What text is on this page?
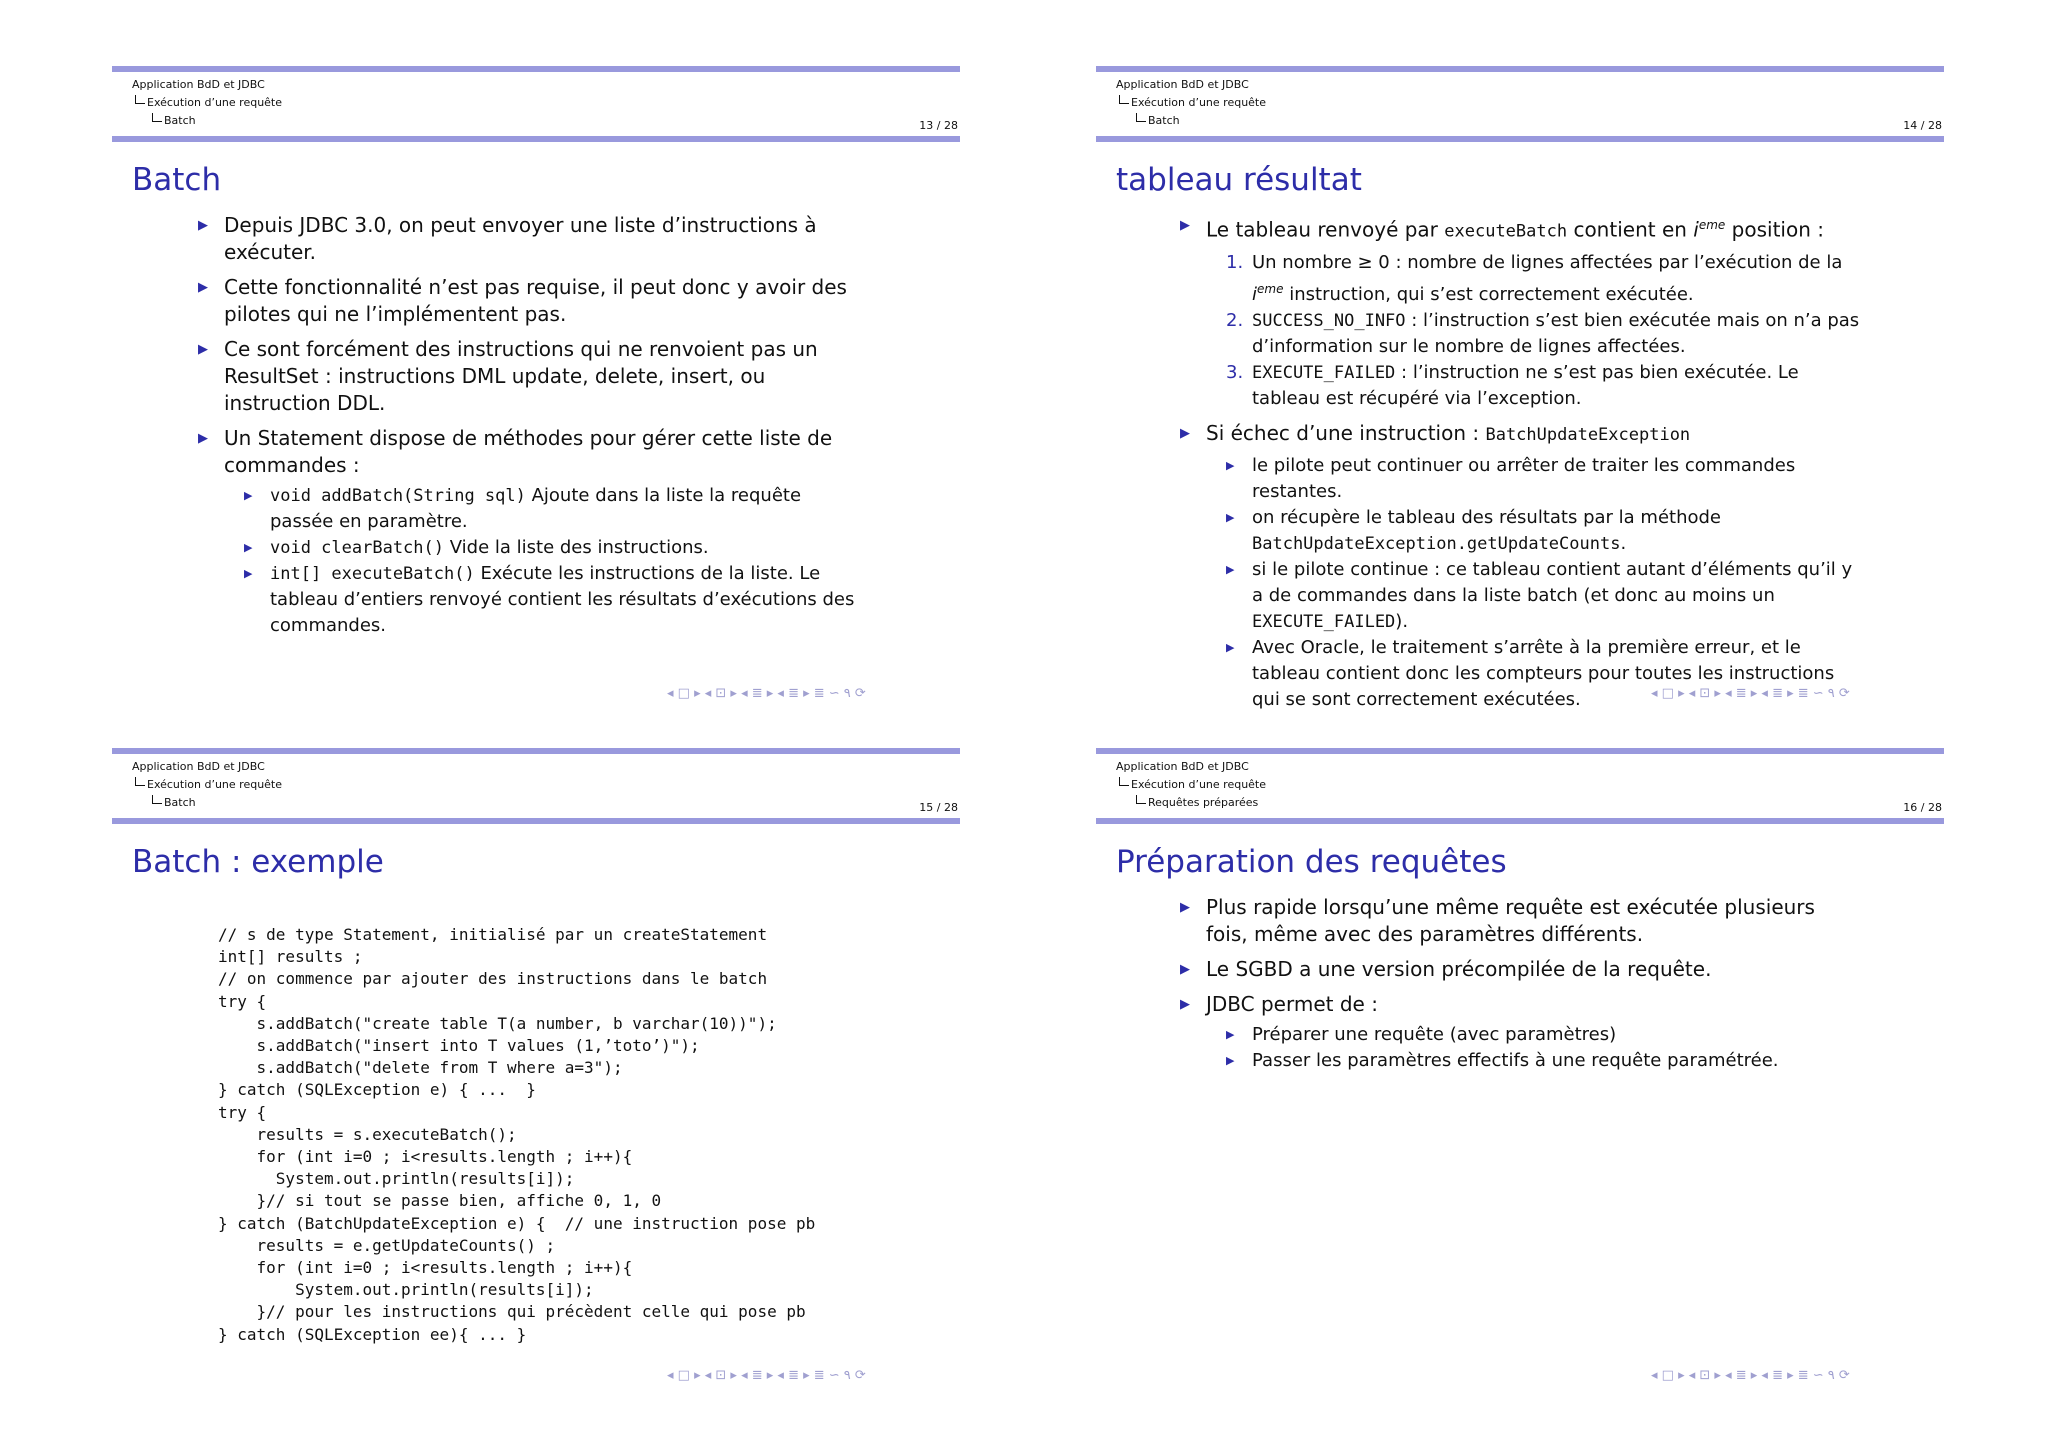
Application BdD et JDBC
Exécution d’une requête
Batch	13 / 28
Batch
▶ Depuis JDBC 3.0, on peut envoyer une liste d’instructions à exécuter.
▶ Cette fonctionnalité n’est pas requise, il peut donc y avoir des pilotes qui ne l’implémentent pas.
▶ Ce sont forcément des instructions qui ne renvoient pas un ResultSet : instructions DML update, delete, insert, ou instruction DDL.
▶ Un Statement dispose de méthodes pour gérer cette liste de commandes :
▶ void addBatch(String sql) Ajoute dans la liste la requête passée en paramètre.
▶ void clearBatch() Vide la liste des instructions.
▶ int[] executeBatch() Exécute les instructions de la liste. Le tableau d’entiers renvoyé contient les résultats d’exécutions des commandes.
◂ □ ▸ ◂ ⊡ ▸ ◂ ≣ ▸ ◂ ≣ ▸ ≣ ∽ ۹ ⟳
Application BdD et JDBC
Exécution d’une requête
Batch	14 / 28
tableau résultat
▶ Le tableau renvoyé par executeBatch contient en $i^{eme}$ position :
1. Un nombre ≥ 0 : nombre de lignes affectées par l’exécution de la $i^{eme}$ instruction, qui s’est correctement exécutée.
2. SUCCESS_NO_INFO : l’instruction s’est bien exécutée mais on n’a pas d’information sur le nombre de lignes affectées.
3. EXECUTE_FAILED : l’instruction ne s’est pas bien exécutée. Le tableau est récupéré via l’exception.
▶ Si échec d’une instruction : BatchUpdateException
▶ le pilote peut continuer ou arrêter de traiter les commandes restantes.
▶ on récupère le tableau des résultats par la méthode BatchUpdateException.getUpdateCounts.
▶ si le pilote continue : ce tableau contient autant d’éléments qu’il y a de commandes dans la liste batch (et donc au moins un EXECUTE_FAILED).
▶ Avec Oracle, le traitement s’arrête à la première erreur, et le tableau contient donc les compteurs pour toutes les instructions qui se sont correctement exécutées.	◂ □ ▸ ◂ ⊡ ▸ ◂ ≣ ▸ ◂ ≣ ▸ ≣ ∽ ۹ ⟳
Application BdD et JDBC
Exécution d’une requête
Batch	15 / 28
Batch : exemple
// s de type Statement, initialisé par un createStatement
int[] results ;
// on commence par ajouter des instructions dans le batch
try {
s.addBatch("create table T(a number, b varchar(10))");
s.addBatch("insert into T values (1,’toto’)");
s.addBatch("delete from T where a=3");
} catch (SQLException e) { ...  }
try {
results = s.executeBatch();
for (int i=0 ; i<results.length ; i++){
System.out.println(results[i]);
}// si tout se passe bien, affiche 0, 1, 0
} catch (BatchUpdateException e) {  // une instruction pose pb
results = e.getUpdateCounts() ;
for (int i=0 ; i<results.length ; i++){
System.out.println(results[i]);
}// pour les instructions qui précèdent celle qui pose pb
} catch (SQLException ee){ ... }

◂ □ ▸ ◂ ⊡ ▸ ◂ ≣ ▸ ◂ ≣ ▸ ≣ ∽ ۹ ⟳
Application BdD et JDBC
Exécution d’une requête
Requêtes préparées	16 / 28
Préparation des requêtes
▶ Plus rapide lorsqu’une même requête est exécutée plusieurs fois, même avec des paramètres différents.
▶ Le SGBD a une version précompilée de la requête.
▶ JDBC permet de :
▶ Préparer une requête (avec paramètres)
▶ Passer les paramètres effectifs à une requête paramétrée.
◂ □ ▸ ◂ ⊡ ▸ ◂ ≣ ▸ ◂ ≣ ▸ ≣ ∽ ۹ ⟳
